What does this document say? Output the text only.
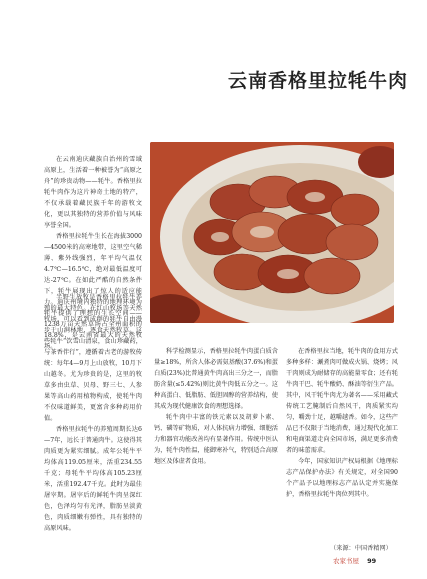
云南香格里拉牦牛肉

在云南迪庆藏族自治州的雪域高原上，生活着一种被誉为“高原之舟”的珍贵动物——牦牛。香格里拉牦牛肉作为这片神奇土地的特产，不仅承载着藏民族千年的游牧文化，更以其独特的营养价值与风味享誉全国。

香格里拉牦牛生长在海拔3000—4500米的高寒地带，这里空气稀薄、紫外线强烈，年平均气温仅4.7℃—16.5℃，绝对最低温度可达-27℃。在如此严酷的自然条件下，牦牛展现出了惊人的适应能力。迪庆州境内独特的地理环境为牦牛提供了理想的生长空间——1238万亩天然草场占全州面积的18.8%，是云南省最大的天然牧场。

半野生放牧是香格里拉牦牛养殖的最大特色。在红山牧场等天然牧场，可以看到成群的牦牛自由漫步于山涧林地，逐食天然牧草。这些牦牛“饮雪山清泉，食山珍藏药，与茶香伴行”，遵循着古老的游牧传统：每年4—9月上山放牧，10月下山越冬。尤为珍贵的是，这里的牧草多由虫草、贝母、野三七、人参果等高山药用植物构成，使牦牛肉不仅味道鲜美，更富含多种药用价值。

香格里拉牦牛的养殖周期长达6—7年，远长于普通肉牛。这使得其肉质更为紧实细腻。成年公牦牛平均体高119.05厘米，活重234.55千克；母牦牛平均体高105.23厘米，活重192.47千克。此时为最佳屠宰期。屠宰后的鲜牦牛肉呈深红色，色泽均匀有光泽，脂肪呈淡黄色，肉质细嫩有弹性，具有独特的高原风味。

科学检测显示，香格里拉牦牛肉蛋白质含量≥18%，所含人体必需氨基酸(37.6%)和蛋白质(23%)比普通黄牛肉高出三分之一，而脂肪含量(≤5.42%)则比黄牛肉低五分之一。这种高蛋白、低脂肪、低胆固醇的营养结构，使其成为现代健康饮食的理想选择。

牦牛肉中丰富的铁元素以及胡萝卜素、钙、磷等矿物质，对人体抗病力增强、细胞活力和器官功能改善均有显著作用。传统中医认为，牦牛肉性温，能御寒补气，特别适合高原地区及体虚者食用。

在香格里拉当地，牦牛肉的食用方式多种多样：涮煮肉可做成火锅、烧烤；风干肉则成为耐储存的高能量零食；还有牦牛肉干巴、牦牛酸奶、酥油等衍生产品。其中，风干牦牛肉尤为著名——采用藏式传统工艺腌制后自然风干，肉质紧实均匀，嚼劲十足，越嚼越香。如今，这些产品已不仅限于当地消费，通过现代化加工和电商渠道走向全国市场，满足更多消费者的味蕾需求。

今年，国家知识产权局根据《地理标志产品保护办法》有关规定，对全国90个产品予以地理标志产品认定并实施保护，香格里拉牦牛肉位列其中。

（来源：中国香精网）
农家书屋 99
